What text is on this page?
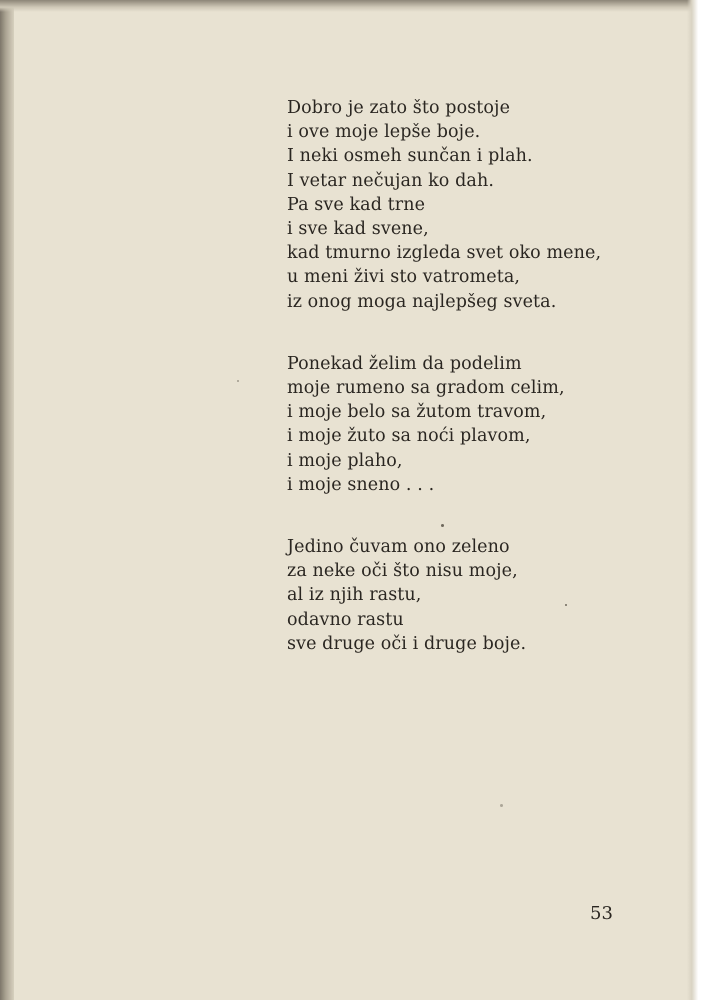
Dobro je zato što postoje
i ove moje lepše boje.
I neki osmeh sunčan i plah.
I vetar nečujan ko dah.
Pa sve kad trne
i sve kad svene,
kad tmurno izgleda svet oko mene,
u meni živi sto vatrometa,
iz onog moga najlepšeg sveta.
Ponekad želim da podelim
moje rumeno sa gradom celim,
i moje belo sa žutom travom,
i moje žuto sa noći plavom,
i moje plaho,
i moje sneno . . .
Jedino čuvam ono zeleno
za neke oči što nisu moje,
al iz njih rastu,
odavno rastu
sve druge oči i druge boje.
53
